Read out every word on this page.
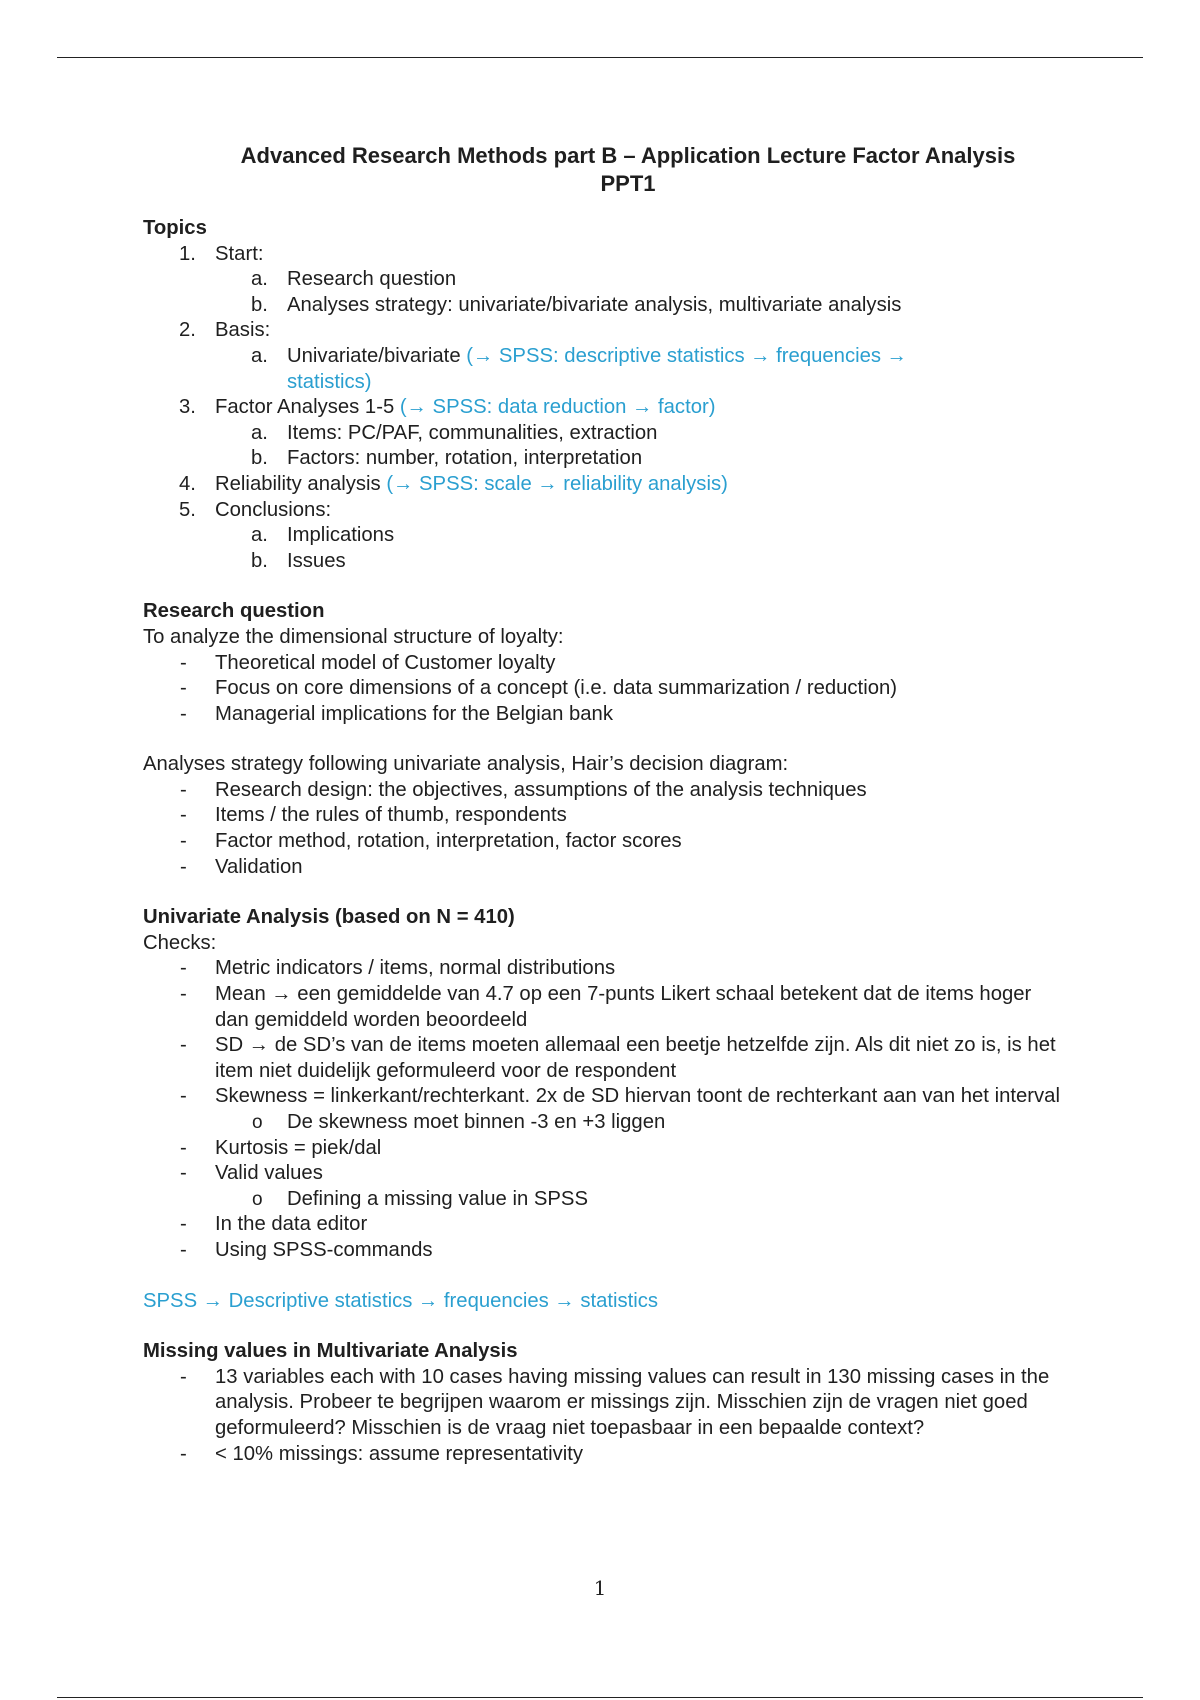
Advanced Research Methods part B – Application Lecture Factor Analysis
PPT1
Topics
1. Start:
a. Research question
b. Analyses strategy: univariate/bivariate analysis, multivariate analysis
2. Basis:
a. Univariate/bivariate (→ SPSS: descriptive statistics → frequencies →
statistics)
3. Factor Analyses 1-5 (→ SPSS: data reduction → factor)
a. Items: PC/PAF, communalities, extraction
b. Factors: number, rotation, interpretation
4. Reliability analysis (→ SPSS: scale → reliability analysis)
5. Conclusions:
a. Implications
b. Issues
Research question

To analyze the dimensional structure of loyalty:

- Theoretical model of Customer loyalty
- Focus on core dimensions of a concept (i.e. data summarization / reduction)
- Managerial implications for the Belgian bank

Analyses strategy following univariate analysis, Hair’s decision diagram:

- Research design: the objectives, assumptions of the analysis techniques
- Items / the rules of thumb, respondents
- Factor method, rotation, interpretation, factor scores
- Validation
Univariate Analysis (based on N = 410)

Checks:

- Metric indicators / items, normal distributions
- Mean → een gemiddelde van 4.7 op een 7-punts Likert schaal betekent dat de items hoger dan gemiddeld worden beoordeeld
- SD → de SD’s van de items moeten allemaal een beetje hetzelfde zijn. Als dit niet zo is, is het item niet duidelijk geformuleerd voor de respondent
- Skewness = linkerkant/rechterkant. 2x de SD hiervan toont de rechterkant aan van het interval
o De skewness moet binnen -3 en +3 liggen
- Kurtosis = piek/dal
- Valid values
o Defining a missing value in SPSS
- In the data editor
- Using SPSS-commands

SPSS → Descriptive statistics → frequencies → statistics

Missing values in Multivariate Analysis
- 13 variables each with 10 cases having missing values can result in 130 missing cases in the analysis. Probeer te begrijpen waarom er missings zijn. Misschien zijn de vragen niet goed geformuleerd? Misschien is de vraag niet toepasbaar in een bepaalde context?
- < 10% missings: assume representativity
1
